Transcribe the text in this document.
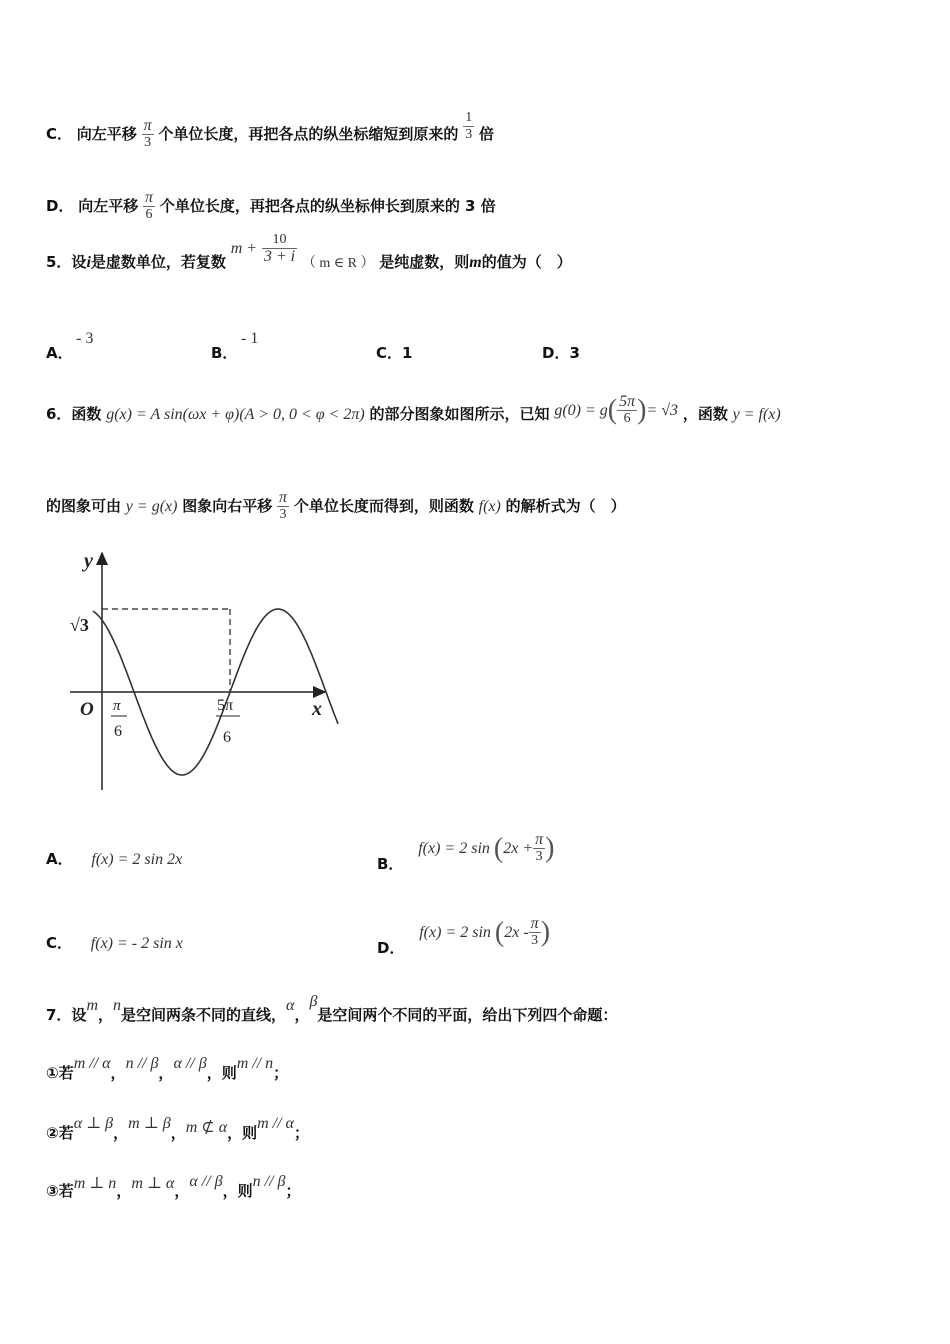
C． 向左平移 $\frac{\pi}{3}$ 个单位长度，再把各点的纵坐标缩短到原来的 $\frac{1}{3}$ 倍
D． 向左平移 $\frac{\pi}{6}$ 个单位长度，再把各点的纵坐标伸长到原来的 3 倍
5．设i是虚数单位，若复数 $m + \frac{10}{3 + i}$ （ m ∈ R ） 是纯虚数，则m的值为（　）
A．
- 3
B．
- 1
C．1	D．3
6．函数 g(x) = A sin(ωx + φ)(A > 0, 0 < φ < 2π) 的部分图象如图所示，已知 $g(0) = g( \frac{5\pi}{6}$ )= √3 ，函数 y = f(x)
的图象可由 y = g(x) 图象向右平移 $\frac{\pi}{3}$ 个单位长度而得到，则函数 f(x) 的解析式为（　）
y
x
O
√3
π
6
5π
6
A． f(x) = 2 sin 2x	B． f(x) = 2 $\sin (2x + \frac{\pi}{3}$ )
C． f(x) = - 2 sin x	D． f(x) = 2 $\sin (2x - \frac{\pi}{3}$ )
7．设m，n是空间两条不同的直线，α，β是空间两个不同的平面，给出下列四个命题：
①若m // α，n // β，α // β，则m // n；
②若α ⊥ β，m ⊥ β，m ⊄ α，则m // α；
③若m ⊥ n，m ⊥ α，α // β，则n // β；
